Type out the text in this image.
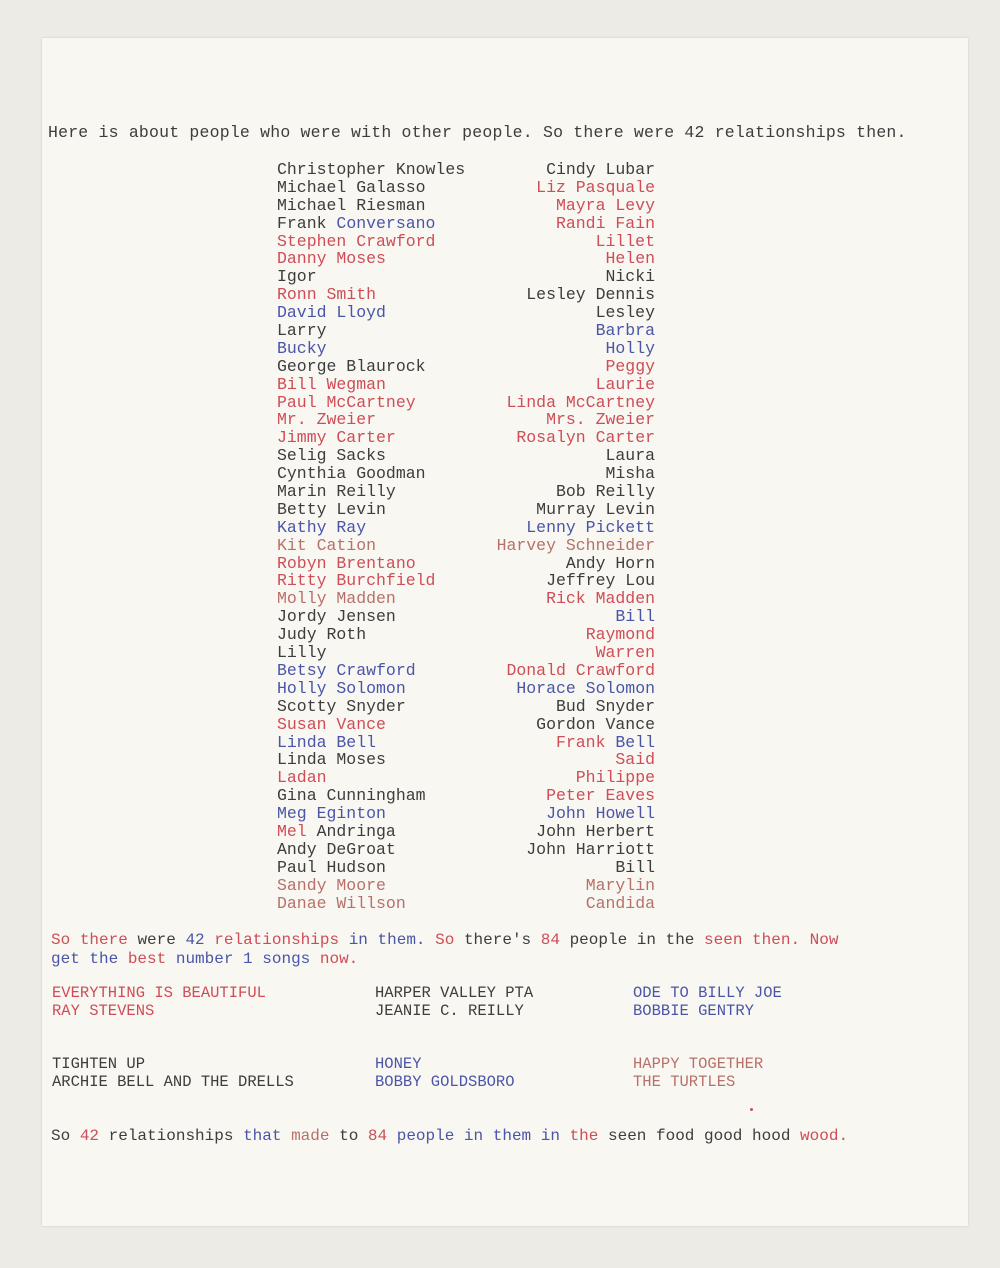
Here is about people who were with other people. So there were 42 relationships then.
Christopher Knowles	Cindy Lubar
Michael Galasso	Liz Pasquale
Michael Riesman	Mayra Levy
Frank Conversano	Randi Fain
Stephen Crawford	Lillet
Danny Moses	Helen
Igor	Nicki
Ronn Smith	Lesley Dennis
David Lloyd	Lesley
Larry	Barbra
Bucky	Holly
George Blaurock	Peggy
Bill Wegman	Laurie
Paul McCartney	Linda McCartney
Mr. Zweier	Mrs. Zweier
Jimmy Carter	Rosalyn Carter
Selig Sacks	Laura
Cynthia Goodman	Misha
Marin Reilly	Bob Reilly
Betty Levin	Murray Levin
Kathy Ray	Lenny Pickett
Kit Cation	Harvey Schneider
Robyn Brentano	Andy Horn
Ritty Burchfield	Jeffrey Lou
Molly Madden	Rick Madden
Jordy Jensen	Bill
Judy Roth	Raymond
Lilly	Warren
Betsy Crawford	Donald Crawford
Holly Solomon	Horace Solomon
Scotty Snyder	Bud Snyder
Susan Vance	Gordon Vance
Linda Bell	Frank Bell
Linda Moses	Said
Ladan	Philippe
Gina Cunningham	Peter Eaves
Meg Eginton	John Howell
Mel Andringa	John Herbert
Andy DeGroat	John Harriott
Paul Hudson	Bill
Sandy Moore	Marylin
Danae Willson	Candida
So there were 42 relationships in them. So there's 84 people in the seen then. Now
get the best number 1 songs now.
EVERYTHING IS BEAUTIFUL
RAY STEVENS
HARPER VALLEY PTA
JEANIE C. REILLY
ODE TO BILLY JOE
BOBBIE GENTRY
TIGHTEN UP
ARCHIE BELL AND THE DRELLS
HONEY
BOBBY GOLDSBORO
HAPPY TOGETHER
THE TURTLES
So 42 relationships that made to 84 people in them in the seen food good hood wood.
